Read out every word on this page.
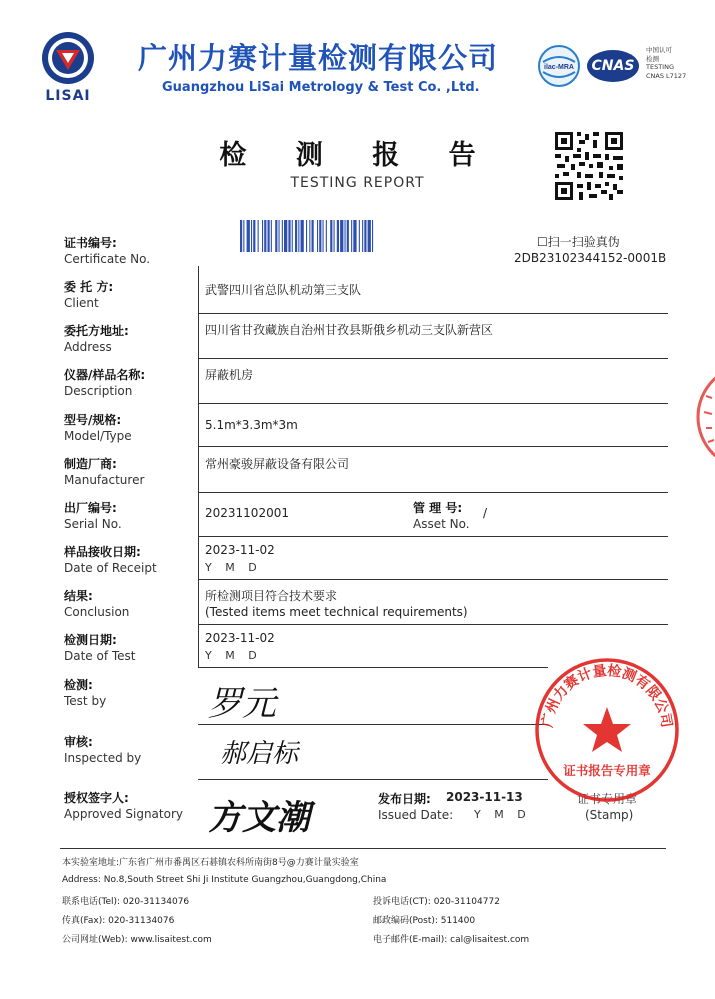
LISAI
广州力赛计量检测有限公司
Guangzhou LiSai Metrology & Test Co. ,Ltd.
ilac-MRA	CNAS
中国认可
检测
TESTING
CNAS L7127
检 测 报 告
TESTING REPORT
☐扫一扫验真伪
2DB23102344152-0001B
证书编号:
Certificate No.
委 托 方:
Client
武警四川省总队机动第三支队
委托方地址:
Address
四川省甘孜藏族自治州甘孜县斯俄乡机动三支队新营区
仪器/样品名称:
Description
屏蔽机房
型号/规格:
Model/Type
5.1m*3.3m*3m
制造厂商:
Manufacturer
常州豪骏屏蔽设备有限公司
出厂编号:
Serial No.
20231102001	管 理 号:
Asset No.
/
样品接收日期:
Date of Receipt
2023-11-02
Y M D
结果:
Conclusion
所检测项目符合技术要求
(Tested items meet technical requirements)
检测日期:
Date of Test
2023-11-02
Y M D
检测:
Test by	罗元
审核:
Inspected by	郝启标
授权签字人:
Approved Signatory 方文潮	发布日期:
Issued Date:
2023-11-13
Y M D
证书专用章
(Stamp)
广州力赛计量检测有限公司
证书报告专用章
本实验室地址:广东省广州市番禺区石碁镇农科所南街8号@力赛计量实验室
Address: No.8,South Street Shi Ji Institute Guangzhou,Guangdong,China
联系电话(Tel): 020-31134076	投诉电话(CT): 020-31104772
传真(Fax): 020-31134076	邮政编码(Post): 511400
公司网址(Web): www.lisaitest.com	电子邮件(E-mail): cal@lisaitest.com
